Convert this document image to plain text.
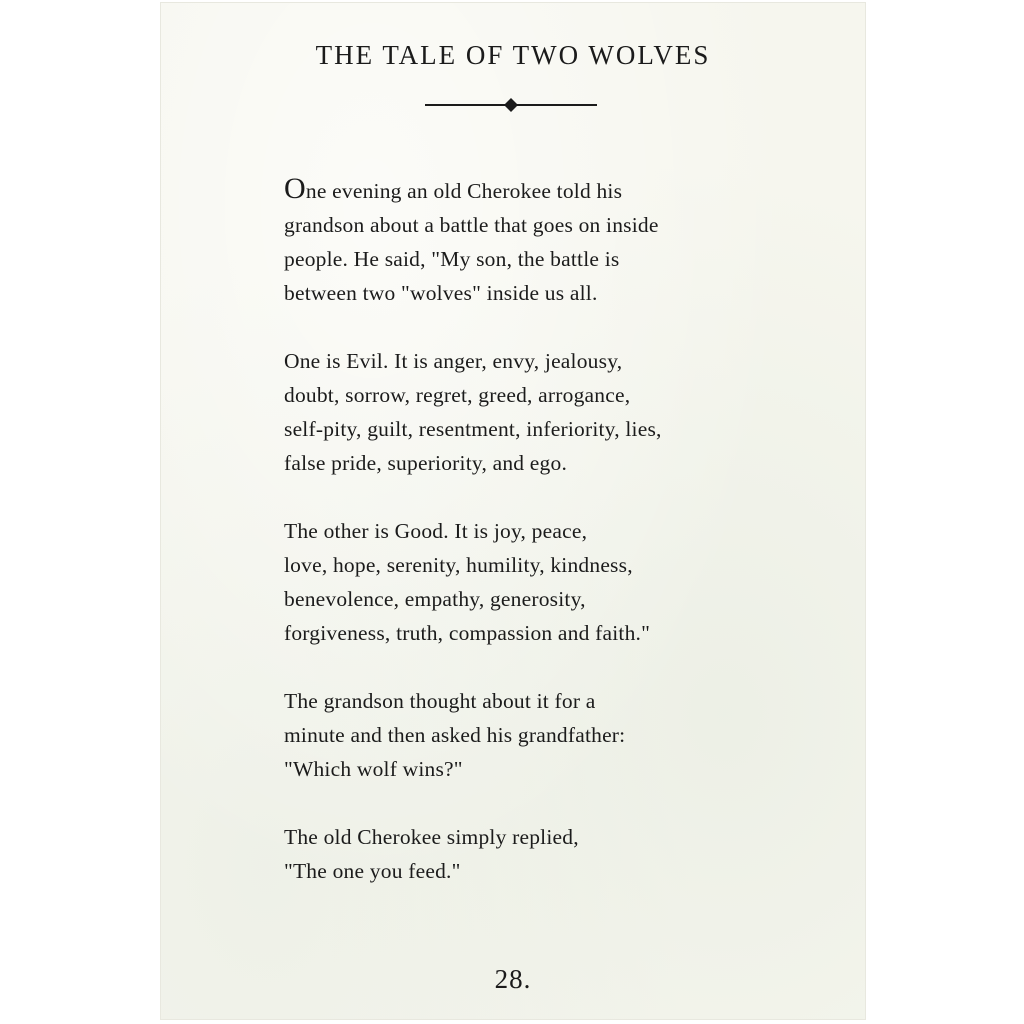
THE TALE OF TWO WOLVES

One evening an old Cherokee told his
grandson about a battle that goes on inside
people. He said, "My son, the battle is
between two "wolves" inside us all.

One is Evil. It is anger, envy, jealousy,
doubt, sorrow, regret, greed, arrogance,
self-pity, guilt, resentment, inferiority, lies,
false pride, superiority, and ego.

The other is Good. It is joy, peace,
love, hope, serenity, humility, kindness,
benevolence, empathy, generosity,
forgiveness, truth, compassion and faith."

The grandson thought about it for a
minute and then asked his grandfather:
"Which wolf wins?"

The old Cherokee simply replied,
"The one you feed."

28.
